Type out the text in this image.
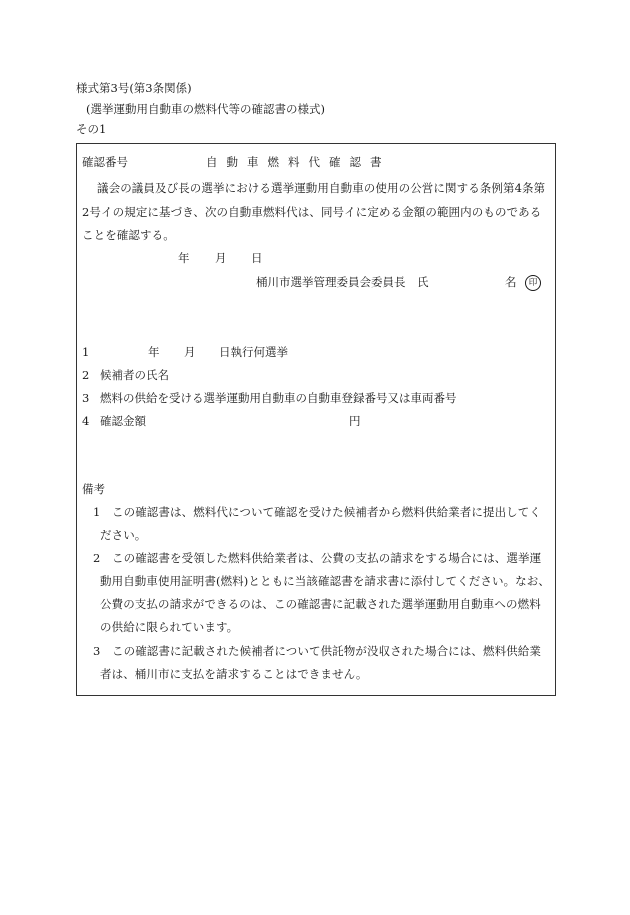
様式第3号(第3条関係)
(選挙運動用自動車の燃料代等の確認書の様式)
その1
確認番号	自 動 車 燃 料 代 確 認 書
議会の議員及び長の選挙における選挙運動用自動車の使用の公営に関する条例第4条第
2号イの規定に基づき、次の自動車燃料代は、同号イに定める金額の範囲内のものである
ことを確認する。
年 月 日
桶川市選挙管理委員会委員長　氏	名	印
1	年 月 日執行何選挙
2 候補者の氏名
3 燃料の供給を受ける選挙運動用自動車の自動車登録番号又は車両番号
4 確認金額	円
備考
1 この確認書は、燃料代について確認を受けた候補者から燃料供給業者に提出してく
ださい。
2 この確認書を受領した燃料供給業者は、公費の支払の請求をする場合には、選挙運
動用自動車使用証明書(燃料)とともに当該確認書を請求書に添付してください。なお、
公費の支払の請求ができるのは、この確認書に記載された選挙運動用自動車への燃料
の供給に限られています。
3 この確認書に記載された候補者について供託物が没収された場合には、燃料供給業
者は、桶川市に支払を請求することはできません。
